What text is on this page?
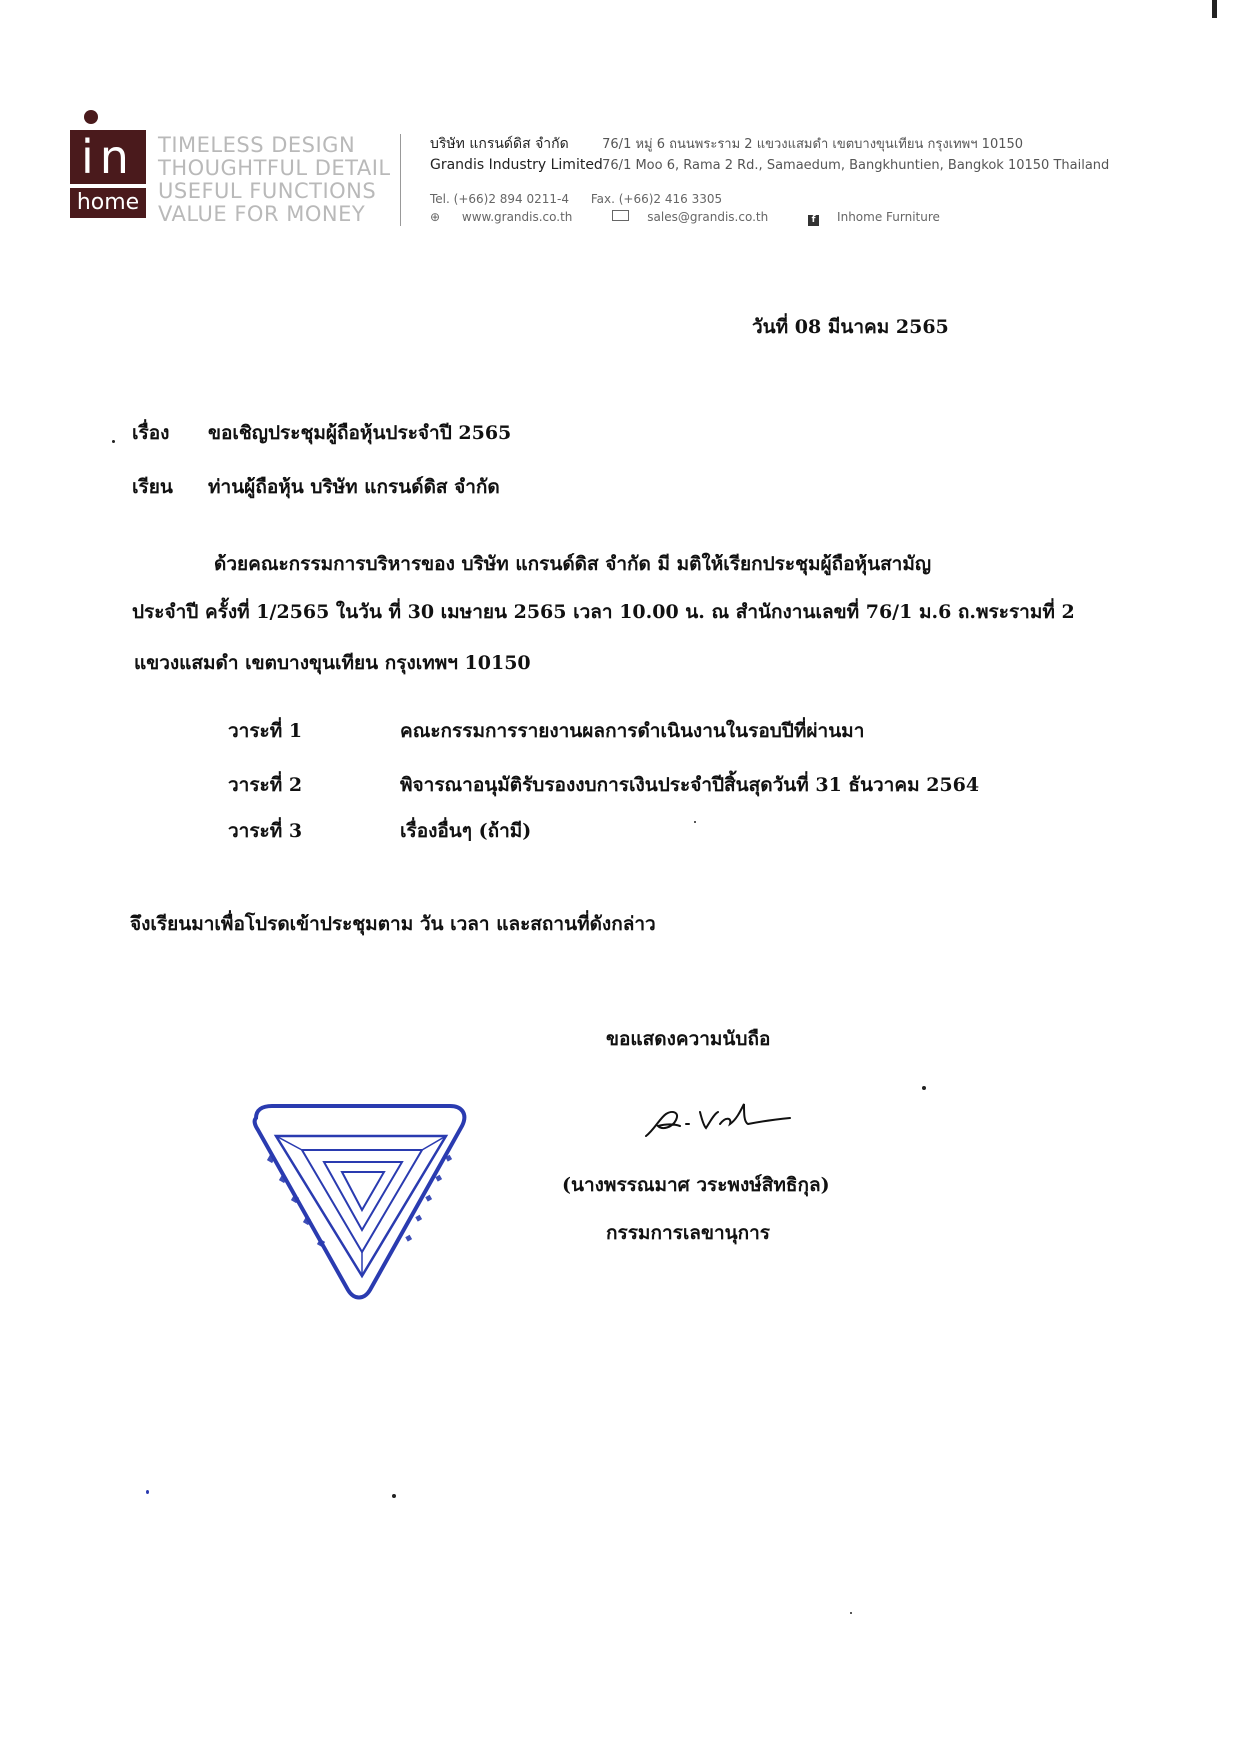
in
home
TIMELESS DESIGN
THOUGHTFUL DETAIL
USEFUL FUNCTIONS
VALUE FOR MONEY
บริษัท แกรนด์ดิส จำกัด	76/1 หมู่ 6 ถนนพระราม 2 แขวงแสมดำ เขตบางขุนเทียน กรุงเทพฯ 10150
Grandis Industry Limited 76/1 Moo 6, Rama 2 Rd., Samaedum, Bangkhuntien, Bangkok 10150 Thailand
Tel. (+66)2 894 0211-4 Fax. (+66)2 416 3305
⊕ www.grandis.co.th	sales@grandis.co.th	f Inhome Furniture
วันที่ 08 มีนาคม 2565
เรื่อง ขอเชิญประชุมผู้ถือหุ้นประจำปี 2565
เรียน ท่านผู้ถือหุ้น บริษัท แกรนด์ดิส จำกัด
ด้วยคณะกรรมการบริหารของ บริษัท แกรนด์ดิส จำกัด มี มติให้เรียกประชุมผู้ถือหุ้นสามัญ
ประจำปี ครั้งที่ 1/2565 ในวัน ที่ 30 เมษายน 2565 เวลา 10.00 น. ณ สำนักงานเลขที่ 76/1 ม.6 ถ.พระรามที่ 2
แขวงแสมดำ เขตบางขุนเทียน กรุงเทพฯ 10150
วาระที่ 1	คณะกรรมการรายงานผลการดำเนินงานในรอบปีที่ผ่านมา
วาระที่ 2	พิจารณาอนุมัติรับรองงบการเงินประจำปีสิ้นสุดวันที่ 31 ธันวาคม 2564
วาระที่ 3	เรื่องอื่นๆ (ถ้ามี)
จึงเรียนมาเพื่อโปรดเข้าประชุมตาม วัน เวลา และสถานที่ดังกล่าว
ขอแสดงความนับถือ
(นางพรรณมาศ วระพงษ์สิทธิกุล)
กรรมการเลขานุการ
